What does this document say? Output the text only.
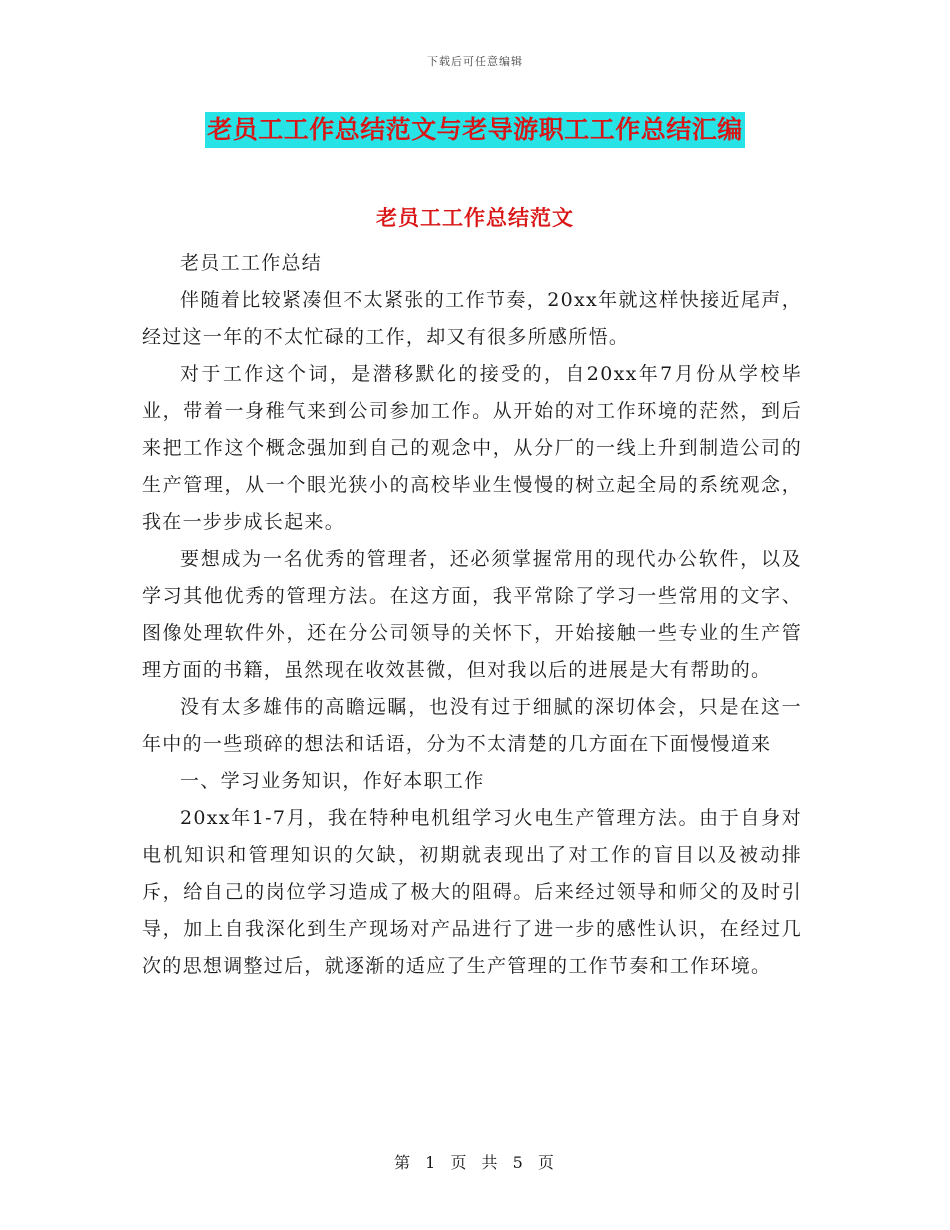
下载后可任意编辑
老员工工作总结范文与老导游职工工作总结汇编
老员工工作总结范文

老员工工作总结

伴随着比较紧凑但不太紧张的工作节奏，20xx年就这样快接近尾声，经过这一年的不太忙碌的工作，却又有很多所感所悟。

对于工作这个词，是潜移默化的接受的，自20xx年7月份从学校毕业，带着一身稚气来到公司参加工作。从开始的对工作环境的茫然，到后来把工作这个概念强加到自己的观念中，从分厂的一线上升到制造公司的生产管理，从一个眼光狭小的高校毕业生慢慢的树立起全局的系统观念，我在一步步成长起来。

要想成为一名优秀的管理者，还必须掌握常用的现代办公软件，以及学习其他优秀的管理方法。在这方面，我平常除了学习一些常用的文字、图像处理软件外，还在分公司领导的关怀下，开始接触一些专业的生产管理方面的书籍，虽然现在收效甚微，但对我以后的进展是大有帮助的。

没有太多雄伟的高瞻远瞩，也没有过于细腻的深切体会，只是在这一年中的一些琐碎的想法和话语，分为不太清楚的几方面在下面慢慢道来

一、学习业务知识，作好本职工作

20xx年1-7月，我在特种电机组学习火电生产管理方法。由于自身对电机知识和管理知识的欠缺，初期就表现出了对工作的盲目以及被动排斥，给自己的岗位学习造成了极大的阻碍。后来经过领导和师父的及时引导，加上自我深化到生产现场对产品进行了进一步的感性认识，在经过几次的思想调整过后，就逐渐的适应了生产管理的工作节奏和工作环境。

第 1 页 共 5 页
